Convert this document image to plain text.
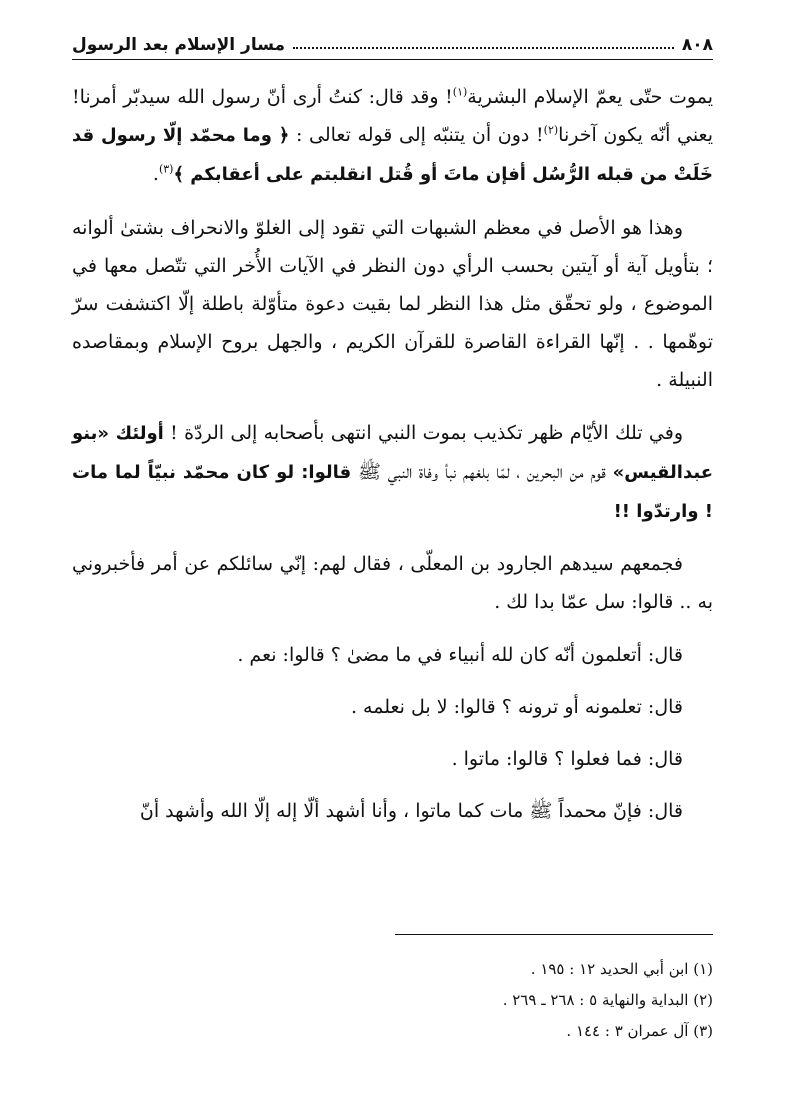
٨٠٨
مسار الإسلام بعد الرسول

يموت حتّى يعمّ الإسلام البشرية$^{(١)}$! وقد قال: كنتُ أرى أنّ رسول الله سيدبّر أمرنا! يعني أنّه يكون آخرنا$^{(٢)}$! دون أن يتنبّه إلى قوله تعالى : ﴿ وما محمّد إلّا رسول قد خَلَتْ من قبله الرُّسُل أفإن ماتَ أو قُتل انقلبتم على أعقابكم ﴾$^{(٣)}$.

وهذا هو الأصل في معظم الشبهات التي تقود إلى الغلوّ والانحراف بشتىٰ ألوانه ؛ بتأويل آية أو آيتين بحسب الرأي دون النظر في الآيات الأُخر التي تتّصل معها في الموضوع ، ولو تحقّق مثل هذا النظر لما بقيت دعوة متأوّلة باطلة إلّا اكتشفت سرّ توهّمها . . إنّها القراءة القاصرة للقرآن الكريم ، والجهل بروح الإسلام وبمقاصده النبيلة .

وفي تلك الأيّام ظهر تكذيب بموت النبي انتهى بأصحابه إلى الردّة ! أولئك «بنو عبدالقيس» قوم من البحرين ، لمّا بلغهم نبأ وفاة النبي ﷺ قالوا: لو كان محمّد نبيّاً لما مات ! وارتدّوا !!

فجمعهم سيدهم الجارود بن المعلّى ، فقال لهم: إنّي سائلكم عن أمر فأخبروني به .. قالوا: سل عمّا بدا لك .

قال: أتعلمون أنّه كان لله أنبياء في ما مضىٰ ؟ قالوا: نعم .

قال: تعلمونه أو ترونه ؟ قالوا: لا بل نعلمه .

قال: فما فعلوا ؟ قالوا: ماتوا .

قال: فإنّ محمداً ﷺ مات كما ماتوا ، وأنا أشهد ألّا إله إلّا الله وأشهد أنّ

(١) ابن أبي الحديد ١٢ : ١٩٥ .
(٢) البداية والنهاية ٥ : ٢٦٨ ـ ٢٦٩ .
(٣) آل عمران ٣ : ١٤٤ .
